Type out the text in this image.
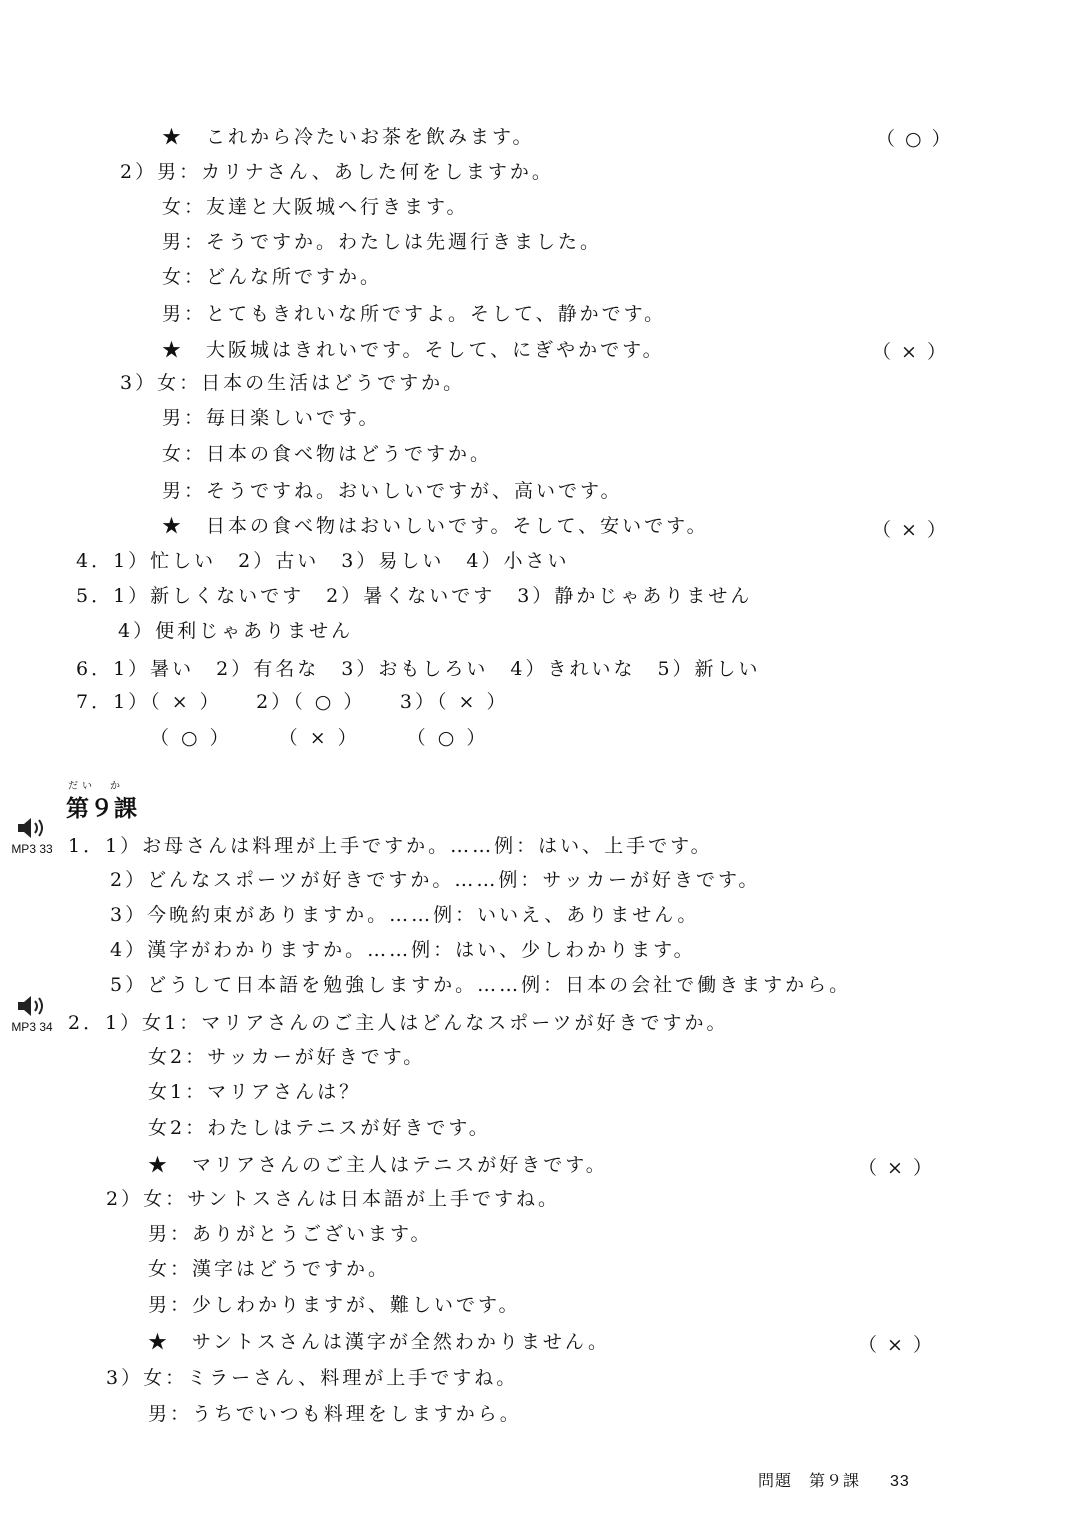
★　これから冷たいお茶を飲みます。	（ ○ ）
2）男：カリナさん、あした何をしますか。
女：友達と大阪城へ行きます。
男：そうですか。わたしは先週行きました。
女：どんな所ですか。
男：とてもきれいな所ですよ。そして、静かです。
★　大阪城はきれいです。そして、にぎやかです。	（ × ）
3）女：日本の生活はどうですか。
男：毎日楽しいです。
女：日本の食べ物はどうですか。
男：そうですね。おいしいですが、高いです。
★　日本の食べ物はおいしいです。そして、安いです。	（ × ）
4．1）忙しい　2）古い　3）易しい　4）小さい
5．1）新しくないです　2）暑くないです　3）静かじゃありません
4）便利じゃありません
6．1）暑い　2）有名な　3）おもしろい　4）きれいな　5）新しい
7．1）（ × ）　　2）（ ○ ）　　3）（ × ）
（ ○ ）　　　（ × ）　　　（ ○ ）
だい　か
第９課
MP3 33
MP3 34
1．1）お母さんは料理が上手ですか。……例：はい、上手です。
2）どんなスポーツが好きですか。……例：サッカーが好きです。
3）今晩約束がありますか。……例：いいえ、ありません。
4）漢字がわかりますか。……例：はい、少しわかります。
5）どうして日本語を勉強しますか。……例：日本の会社で働きますから。
2．1）女1：マリアさんのご主人はどんなスポーツが好きですか。
女2：サッカーが好きです。
女1：マリアさんは？
女2：わたしはテニスが好きです。
★　マリアさんのご主人はテニスが好きです。	（ × ）
2）女：サントスさんは日本語が上手ですね。
男：ありがとうございます。
女：漢字はどうですか。
男：少しわかりますが、難しいです。
★　サントスさんは漢字が全然わかりません。	（ × ）
3）女：ミラーさん、料理が上手ですね。
男：うちでいつも料理をしますから。
問題　第９課 33
